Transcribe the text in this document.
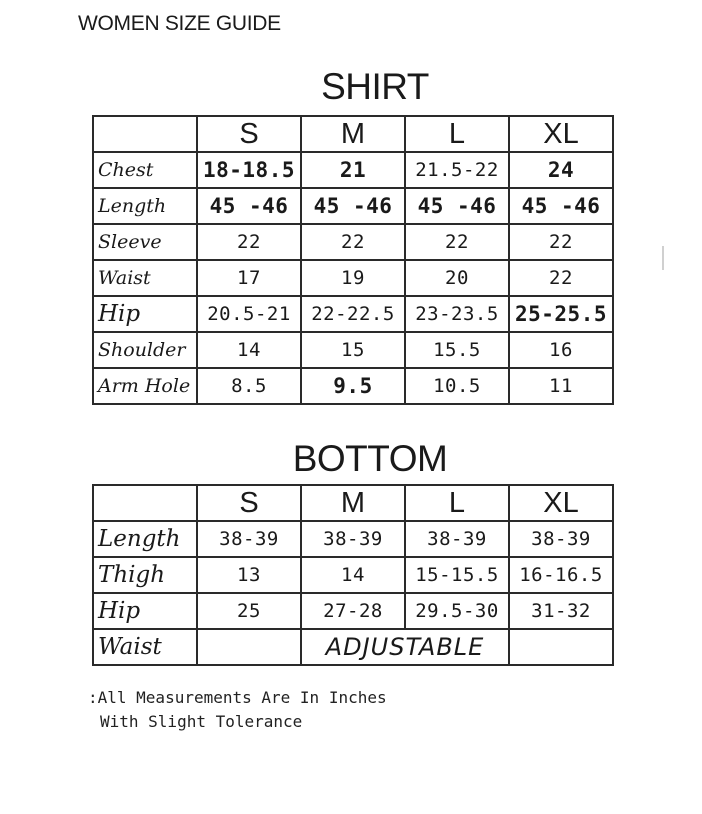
WOMEN SIZE GUIDE
SHIRT
	S	M	L	XL
Chest	18-18.5	21	21.5-22	24
Length	45 -46	45 -46	45 -46	45 -46
Sleeve	22	22	22	22
Waist	17	19	20	22
Hip	20.5-21	22-22.5	23-23.5	25-25.5
Shoulder	14	15	15.5	16
Arm Hole	8.5	9.5	10.5	11
BOTTOM
	S	M	L	XL
Length	38-39	38-39	38-39	38-39
Thigh	13	14	15-15.5	16-16.5
Hip	25	27-28	29.5-30	31-32
Waist		ADJUSTABLE		
:All Measurements Are In Inches
With Slight Tolerance
